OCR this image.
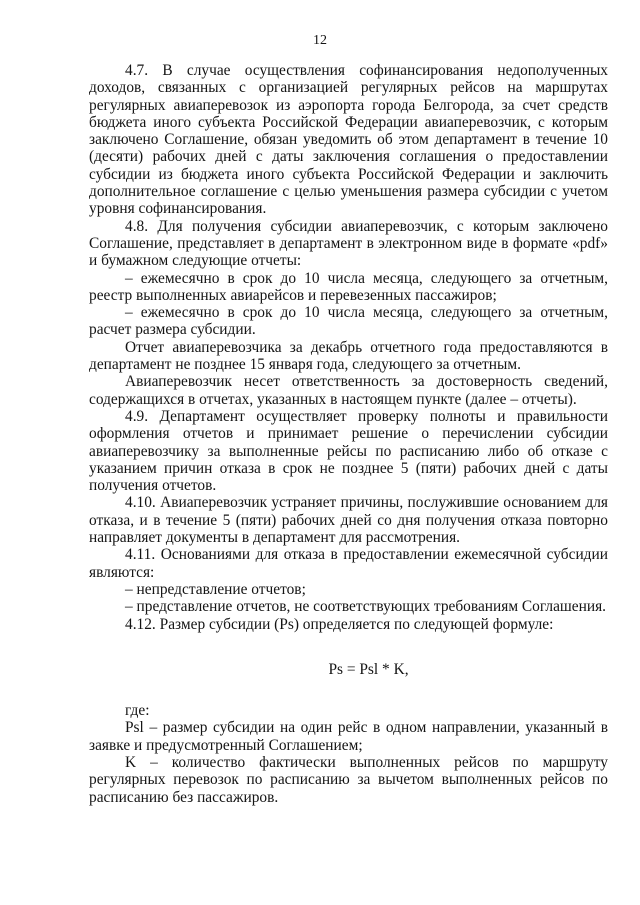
12

4.7. В случае осуществления софинансирования недополученных доходов, связанных с организацией регулярных рейсов на маршрутах регулярных авиаперевозок из аэропорта города Белгорода, за счет средств бюджета иного субъекта Российской Федерации авиаперевозчик, с которым заключено Соглашение, обязан уведомить об этом департамент в течение 10 (десяти) рабочих дней с даты заключения соглашения о предоставлении субсидии из бюджета иного субъекта Российской Федерации и заключить дополнительное соглашение с целью уменьшения размера субсидии с учетом уровня софинансирования.

4.8. Для получения субсидии авиаперевозчик, с которым заключено Соглашение, представляет в департамент в электронном виде в формате «pdf» и бумажном следующие отчеты:

– ежемесячно в срок до 10 числа месяца, следующего за отчетным, реестр выполненных авиарейсов и перевезенных пассажиров;

– ежемесячно в срок до 10 числа месяца, следующего за отчетным, расчет размера субсидии.

Отчет авиаперевозчика за декабрь отчетного года предоставляются в департамент не позднее 15 января года, следующего за отчетным.

Авиаперевозчик несет ответственность за достоверность сведений, содержащихся в отчетах, указанных в настоящем пункте (далее – отчеты).

4.9. Департамент осуществляет проверку полноты и правильности оформления отчетов и принимает решение о перечислении субсидии авиаперевозчику за выполненные рейсы по расписанию либо об отказе с указанием причин отказа в срок не позднее 5 (пяти) рабочих дней с даты получения отчетов.

4.10. Авиаперевозчик устраняет причины, послужившие основанием для отказа, и в течение 5 (пяти) рабочих дней со дня получения отказа повторно направляет документы в департамент для рассмотрения.

4.11. Основаниями для отказа в предоставлении ежемесячной субсидии являются:

– непредставление отчетов;

– представление отчетов, не соответствующих требованиям Соглашения.

4.12. Размер субсидии (Ps) определяется по следующей формуле:

Ps = Psl * K,

где:

Psl – размер субсидии на один рейс в одном направлении, указанный в заявке и предусмотренный Соглашением;

K – количество фактически выполненных рейсов по маршруту регулярных перевозок по расписанию за вычетом выполненных рейсов по расписанию без пассажиров.
